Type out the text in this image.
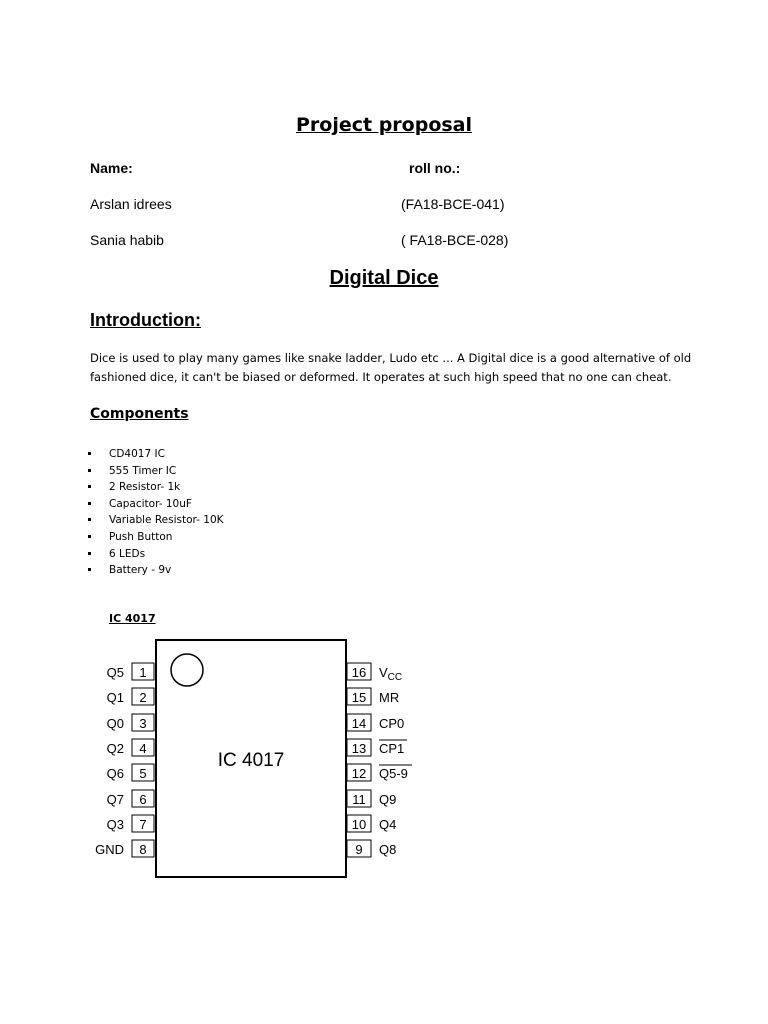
Project proposal
Name:	roll no.:
Arslan idrees	(FA18-BCE-041)
Sania habib	( FA18-BCE-028)
Digital Dice
Introduction:
Dice is used to play many games like snake ladder, Ludo etc ... A Digital dice is a good alternative of old fashioned dice, it can't be biased or deformed. It operates at such high speed that no one can cheat.
Components
CD4017 IC
555 Timer IC
2 Resistor- 1k
Capacitor- 10uF
Variable Resistor- 10K
Push Button
6 LEDs
Battery - 9v
IC 4017
IC 4017
1
Q5
2
Q1
3
Q0
4
Q2
5
Q6
6
Q7
7
Q3
8
GND
16 $V_{CC}$
15 MR
14 CP0
13 CP1
12 Q5-9
11 Q9
10 Q4
9 Q8
